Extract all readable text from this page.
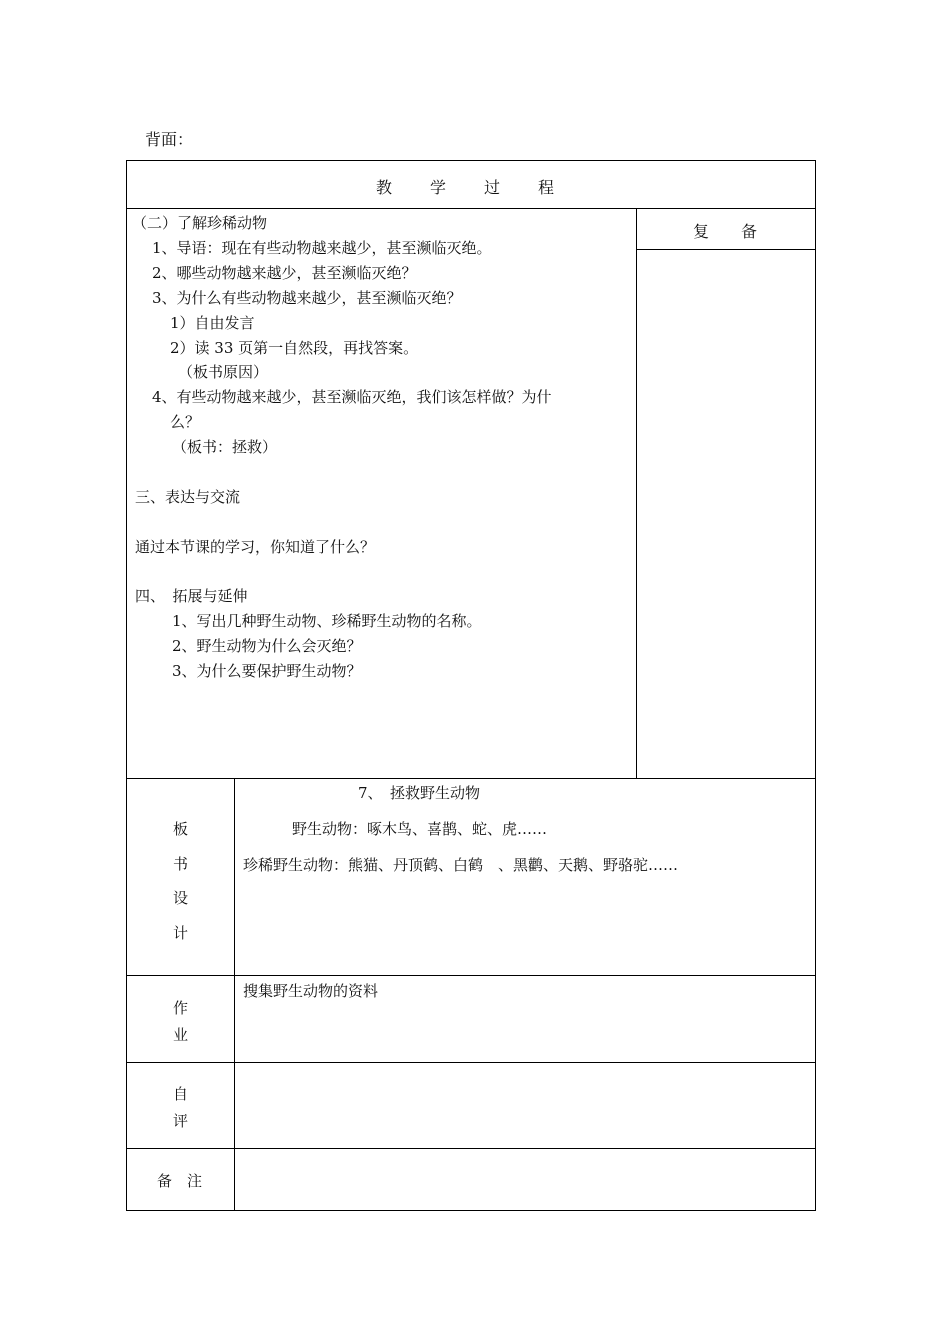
背面：
教　　学　　过　　程
复　　备
（二）了解珍稀动物
1、导语：现在有些动物越来越少，甚至濒临灭绝。
2、哪些动物越来越少，甚至濒临灭绝？
3、为什么有些动物越来越少，甚至濒临灭绝？
1）自由发言
2）读 33 页第一自然段，再找答案。
（板书原因）
4、有些动物越来越少，甚至濒临灭绝，我们该怎样做？为什
么？
（板书：拯救）
三、表达与交流
通过本节课的学习，你知道了什么？
四、　拓展与延伸
1、写出几种野生动物、珍稀野生动物的名称。
2、野生动物为什么会灭绝？
3、为什么要保护野生动物？
板
书
设
计
7、　拯救野生动物
野生动物：啄木鸟、喜鹊、蛇、虎……
珍稀野生动物：熊猫、丹顶鹤、白鹤　、黑鹳、天鹅、野骆驼……
作
业
搜集野生动物的资料
自
评
备　注
